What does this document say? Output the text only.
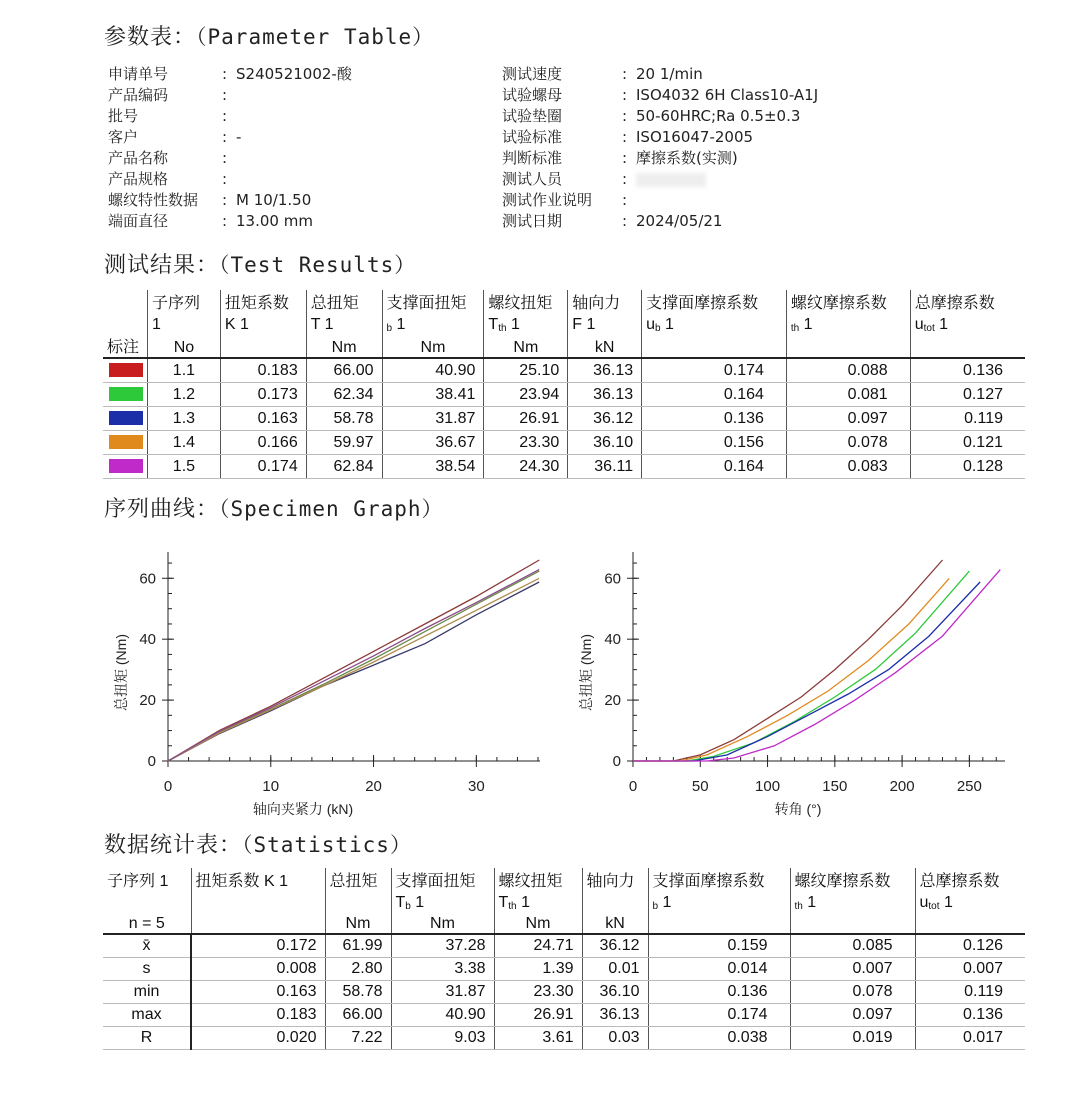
参数表：（Parameter Table）
申请单号	: S240521002-酸
产品编码	:
批号	:
客户	: -
产品名称	:
产品规格	:
螺纹特性数据 : M 10/1.50
端面直径	: 13.00 mm
测试速度	: 20 1/min
试验螺母	: ISO4032 6H Class10-A1J
试验垫圈	: 50-60HRC;Ra 0.5±0.3
试验标准	: ISO16047-2005
判断标准	: 摩擦系数(实测)
测试人员	:
测试作业说明 :
测试日期	: 2024/05/21
测试结果：（Test Results）
	子序列	扭矩系数	总扭矩	支撑面扭矩	螺纹扭矩	轴向力	支撑面摩擦系数	螺纹摩擦系数	总摩擦系数
	1	K 1	T 1	$_b$ 1	$T_{th}$ 1	F 1	$u_b$ 1	$_{th}$ 1	$u_{tot}$ 1
标注	No		Nm	Nm	Nm	kN			
	1.1	0.183	66.00	40.90	25.10	36.13	0.174	0.088	0.136
	1.2	0.173	62.34	38.41	23.94	36.13	0.164	0.081	0.127
	1.3	0.163	58.78	31.87	26.91	36.12	0.136	0.097	0.119
	1.4	0.166	59.97	36.67	23.30	36.10	0.156	0.078	0.121
	1.5	0.174	62.84	38.54	24.30	36.11	0.164	0.083	0.128
序列曲线：（Specimen Graph）
0	10	20	30
0
20
40
60
轴向夹紧力 (kN)
总扭矩 (Nm)
0	50	100	150	200	250
0
20
40
60
转角 (°)
总扭矩 (Nm)
数据统计表：（Statistics）
子序列 1	扭矩系数 K 1	总扭矩	支撑面扭矩	螺纹扭矩	轴向力	支撑面摩擦系数	螺纹摩擦系数	总摩擦系数
			$T_b$ 1	$T_{th}$ 1		$_b$ 1	$_{th}$ 1	$u_{tot}$ 1
n = 5		Nm	Nm	Nm	kN			
x̄	0.172	61.99	37.28	24.71	36.12	0.159	0.085	0.126
s	0.008	2.80	3.38	1.39	0.01	0.014	0.007	0.007
min	0.163	58.78	31.87	23.30	36.10	0.136	0.078	0.119
max	0.183	66.00	40.90	26.91	36.13	0.174	0.097	0.136
R	0.020	7.22	9.03	3.61	0.03	0.038	0.019	0.017
